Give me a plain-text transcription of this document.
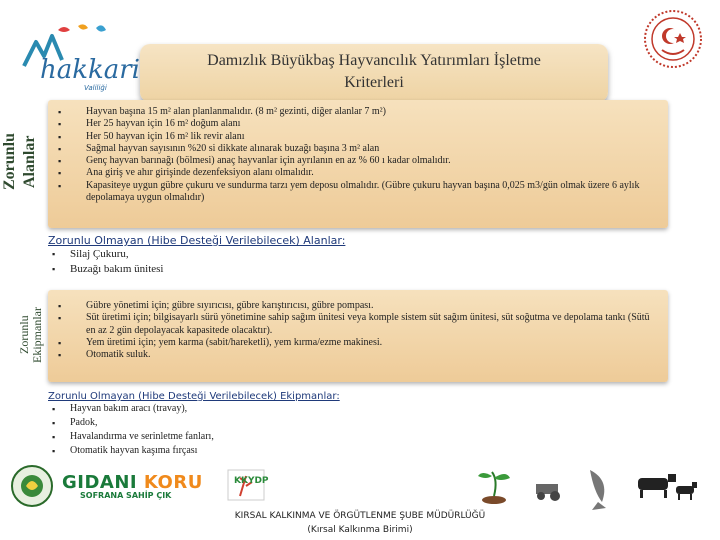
hakkari
Valiliği
Damızlık Büyükbaş Hayvancılık Yatırımları İşletme
Kriterleri
Zorunlu Alanlar
▪ Hayvan başına 15 m² alan planlanmalıdır. (8 m² gezinti, diğer alanlar 7 m²)
▪ Her 25 hayvan için 16 m² doğum alanı
▪ Her 50 hayvan için 16 m² lik revir alanı
▪ Sağmal hayvan sayısının %20 si dikkate alınarak buzağı başına 3 m² alan
▪ Genç hayvan barınağı (bölmesi) anaç hayvanlar için ayrılanın en az % 60 ı kadar olmalıdır.
▪ Ana giriş ve ahır girişinde dezenfeksiyon alanı olmalıdır.
▪ Kapasiteye uygun gübre çukuru ve sundurma tarzı yem deposu olmalıdır. (Gübre çukuru hayvan başına 0,025 m3/gün olmak üzere 6 aylık depolamaya uygun olmalıdır)
Zorunlu Olmayan (Hibe Desteği Verilebilecek) Alanlar:
▪ Silaj Çukuru,
▪ Buzağı bakım ünitesi
Zorunlu
Ekipmanlar
▪ Gübre yönetimi için; gübre sıyırıcısı, gübre karıştırıcısı, gübre pompası.
▪ Süt üretimi için; bilgisayarlı sürü yönetimine sahip sağım ünitesi veya komple sistem süt sağım ünitesi, süt soğutma ve depolama tankı (Sütü en az 2 gün depolayacak kapasitede olacaktır).
▪ Yem üretimi için; yem karma (sabit/hareketli), yem kırma/ezme makinesi.
▪ Otomatik suluk.
Zorunlu Olmayan (Hibe Desteği Verilebilecek) Ekipmanlar:
▪ Hayvan bakım aracı (travay),
▪ Padok,
▪ Havalandırma ve serinletme fanları,
▪ Otomatik hayvan kaşıma fırçası
GIDANI KORU
SOFRANA SAHİP ÇIK
KKYDP
KIRSAL KALKINMA VE ÖRGÜTLENME ŞUBE MÜDÜRLÜĞÜ
(Kırsal Kalkınma Birimi)
